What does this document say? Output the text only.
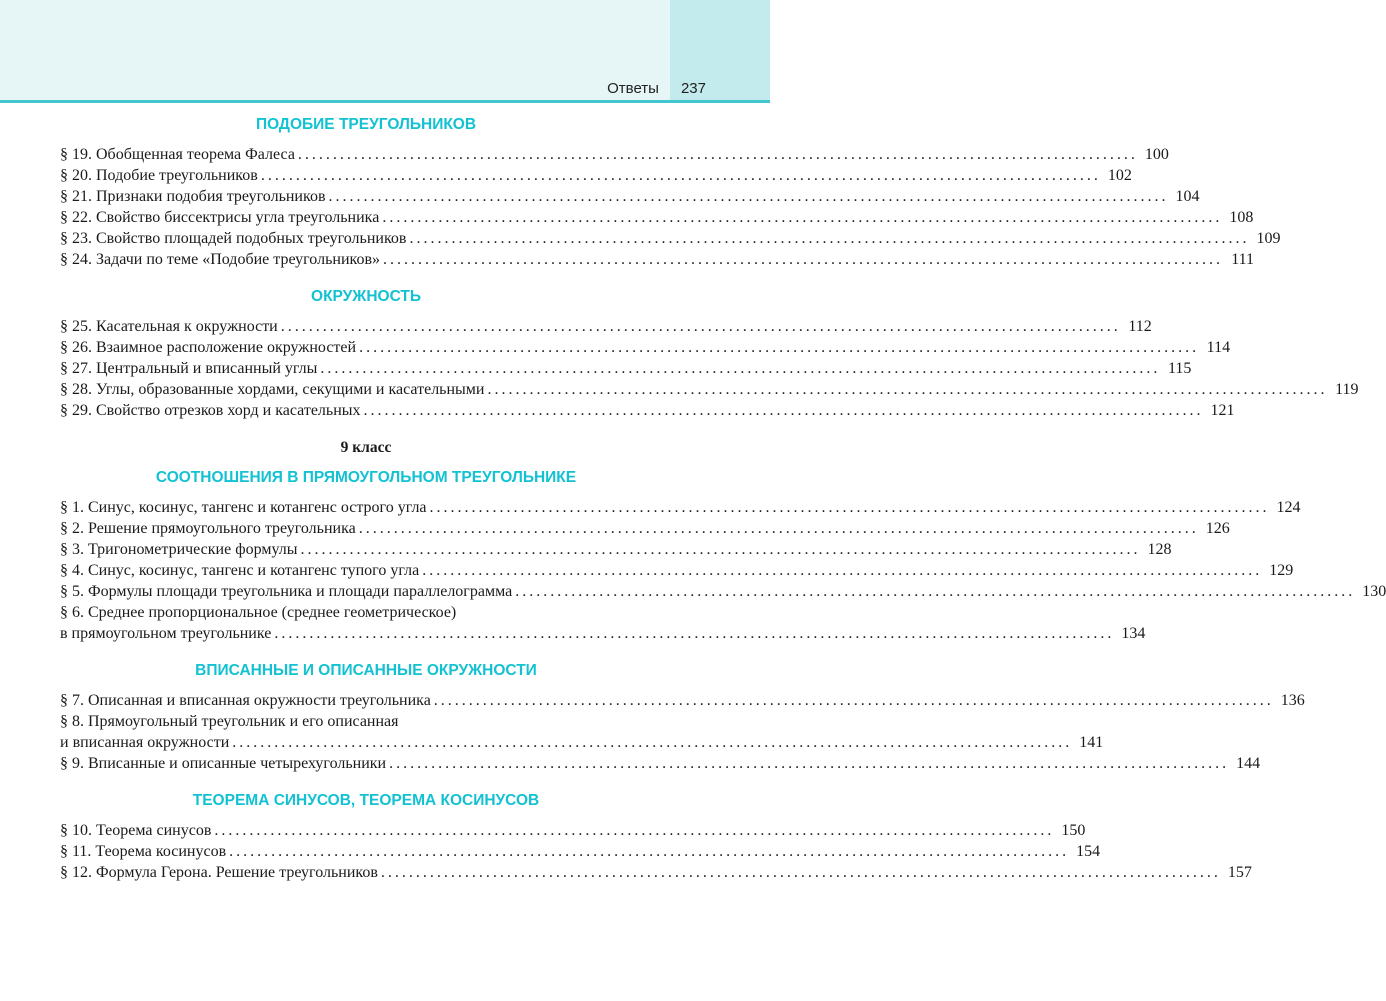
Ответы 237
ПОДОБИЕ ТРЕУГОЛЬНИКОВ
§ 19. Обобщенная теорема Фалеса ........................................................................................................................ 100
§ 20. Подобие треугольников ........................................................................................................................ 102
§ 21. Признаки подобия треугольников ........................................................................................................................ 104
§ 22. Свойство биссектрисы угла треугольника ........................................................................................................................ 108
§ 23. Свойство площадей подобных треугольников ........................................................................................................................ 109
§ 24. Задачи по теме «Подобие треугольников» ........................................................................................................................ 111
ОКРУЖНОСТЬ
§ 25. Касательная к окружности ........................................................................................................................ 112
§ 26. Взаимное расположение окружностей ........................................................................................................................ 114
§ 27. Центральный и вписанный углы ........................................................................................................................ 115
§ 28. Углы, образованные хордами, секущими и касательными ........................................................................................................................ 119
§ 29. Свойство отрезков хорд и касательных ........................................................................................................................ 121
9 класс
СООТНОШЕНИЯ В ПРЯМОУГОЛЬНОМ ТРЕУГОЛЬНИКЕ
§ 1. Синус, косинус, тангенс и котангенс острого угла ........................................................................................................................ 124
§ 2. Решение прямоугольного треугольника ........................................................................................................................ 126
§ 3. Тригонометрические формулы ........................................................................................................................ 128
§ 4. Синус, косинус, тангенс и котангенс тупого угла ........................................................................................................................ 129
§ 5. Формулы площади треугольника и площади параллелограмма ........................................................................................................................ 130
§ 6. Среднее пропорциональное (среднее геометрическое)
в прямоугольном треугольнике ........................................................................................................................ 134
ВПИСАННЫЕ И ОПИСАННЫЕ ОКРУЖНОСТИ
§ 7. Описанная и вписанная окружности треугольника ........................................................................................................................ 136
§ 8. Прямоугольный треугольник и его описанная
и вписанная окружности ........................................................................................................................ 141
§ 9. Вписанные и описанные четырехугольники ........................................................................................................................ 144
ТЕОРЕМА СИНУСОВ, ТЕОРЕМА КОСИНУСОВ
§ 10. Теорема синусов ........................................................................................................................ 150
§ 11. Теорема косинусов ........................................................................................................................ 154
§ 12. Формула Герона. Решение треугольников ........................................................................................................................ 157
